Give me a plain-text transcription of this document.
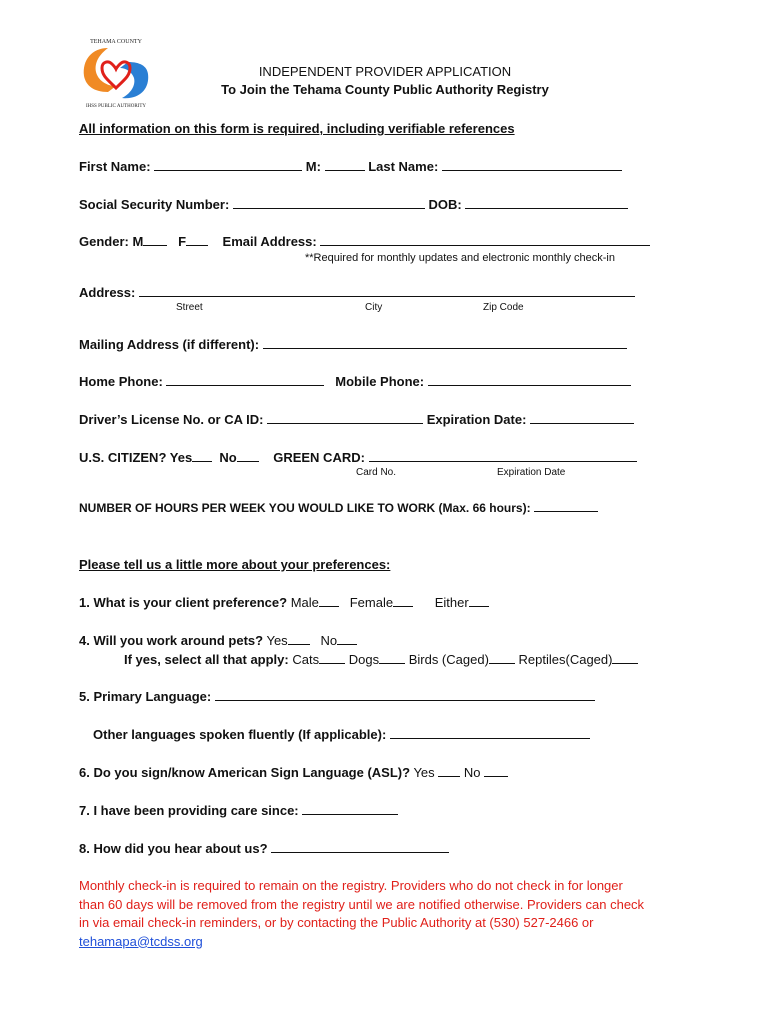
TEHAMA COUNTY
IHSS PUBLIC AUTHORITY
INDEPENDENT PROVIDER APPLICATION
To Join the Tehama County Public Authority Registry
All information on this form is required, including verifiable references
First Name:	M:	Last Name:
Social Security Number:	DOB:
Gender: M	F	Email Address:
**Required for monthly updates and electronic monthly check-in
Address:
Street	City	Zip Code
Mailing Address (if different):
Home Phone:	Mobile Phone:
Driver’s License No. or CA ID:	Expiration Date:
U.S. CITIZEN? Yes No	GREEN CARD:
Card No.	Expiration Date
NUMBER OF HOURS PER WEEK YOU WOULD LIKE TO WORK (Max. 66 hours):
Please tell us a little more about your preferences:
1. What is your client preference? Male Female	Either
4. Will you work around pets? Yes	No
If yes, select all that apply: Cats Dogs Birds (Caged) Reptiles(Caged)
5. Primary Language:
Other languages spoken fluently (If applicable):
6. Do you sign/know American Sign Language (ASL)? Yes No
7. I have been providing care since:
8. How did you hear about us?
Monthly check-in is required to remain on the registry. Providers who do not check in for longer
than 60 days will be removed from the registry until we are notified otherwise. Providers can check
in via email check-in reminders, or by contacting the Public Authority at (530) 527-2466 or
tehamapa@tcdss.org
